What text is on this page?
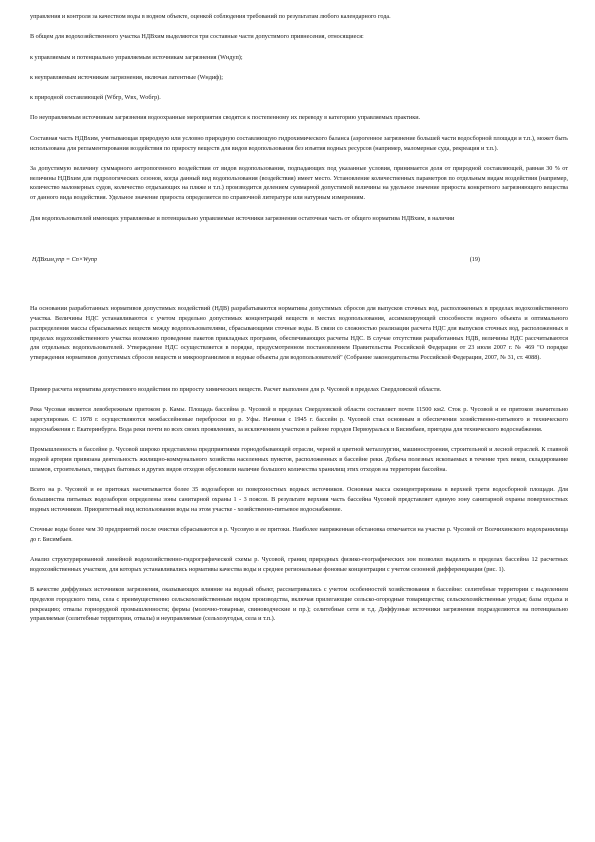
управления и контроля за качеством воды в водном объекте, оценкой соблюдения требований по результатам любого календарного года.

В общем для водохозяйственного участка НДВхим выделяются три составные части допустимого привнесения, относящиеся:

к управляемым и потенциально управляемым источникам загрязнения (Wндуп);

к неуправляемым источникам загрязнения, включая латентные (Wндиф);

к природной составляющей (Wбгр, Wвх, Wобгр).

По неуправляемым источникам загрязнения водоохранные мероприятия сводятся к постепенному их переводу в категорию управляемых практики.

Составная часть НДВхим, учитывающая природную или условно природную составляющую гидрохимического баланса (аэрогенное загрязнение большей части водосборной площади и т.п.), может быть использована для регламентирования воздействия по приросту веществ для видов водопользования без изъятия водных ресурсов (например, маломерные суда, рекреация и т.п.).

За допустимую величину суммарного антропогенного воздействия от видов водопользования, подпадающих под указанные условия, принимается доля от природной составляющей, равная 30 % от величины НДВхим для гидрологических сезонов, когда данный вид водопользования (воздействия) имеет место. Установление количественных параметров по отдельным видам воздействия (например, количество маломерных судов, количество отдыхающих на пляже и т.п.) производится делением суммарной допустимой величины на удельное значение прироста конкретного загрязняющего вещества от данного вида воздействия. Удельное значение прироста определяется по справочной литературе или натурным измерениям.

Для водопользователей имеющих управляемые и потенциально управляемые источники загрязнения остаточная часть от общего норматива НДВхим, в наличии

НДВхим,упр = Cn×Wупр	(19)

На основании разработанных нормативов допустимых воздействий (НДВ) разрабатываются нормативы допустимых сбросов для выпусков сточных вод, расположенных в пределах водохозяйственного участка. Величины НДС устанавливаются с учетом предельно допустимых концентраций веществ в местах водопользования, ассимилирующей способности водного объекта и оптимального распределения массы сбрасываемых веществ между водопользователями, сбрасывающими сточные воды. В связи со сложностью реализации расчета НДС для выпусков сточных вод, расположенных в пределах водохозяйственного участка возможно проведение пакетов прикладных программ, обеспечивающих расчеты НДС. В случае отсутствия разработанных НДВ, величины НДС рассчитываются для отдельных водопользователей. Утверждение НДС осуществляется в порядке, предусмотренном постановлением Правительства Российской Федерации от 23 июля 2007 г. № 469 "О порядке утверждения нормативов допустимых сбросов веществ и микроорганизмов в водные объекты для водопользователей" (Собрание законодательства Российской Федерации, 2007, № 31, ст. 4088).

Пример расчета норматива допустимого воздействия по приросту химических веществ. Расчет выполнен для р. Чусовой в пределах Свердловской области.

Река Чусовая является левобережным притоком р. Камы. Площадь бассейна р. Чусовой в пределах Свердловской области составляет почти 11500 км2. Сток р. Чусовой и ее притоков значительно зарегулирован. С 1978 г. осуществляются межбассейновые переброски из р. Уфы. Начиная с 1945 г. бассейн р. Чусовой стал основным в обеспечении хозяйственно-питьевого и технического водоснабжения г. Екатеринбурга. Вода реки почти во всех своих проявлениях, за исключением участков в районе городов Первоуральск и Бисимбаев, пригодна для технического водоснабжения.

Промышленность в бассейне р. Чусовой широко представлена предприятиями горнодобывающей отрасли, черной и цветной металлургии, машиностроения, строительной и лесной отраслей. К главной водной артерии привязана деятельность жилищно-коммунального хозяйства населенных пунктов, расположенных в бассейне реки. Добыча полезных ископаемых в течение трех веков, складирование шламов, строительных, твердых бытовых и других видов отходов обусловили наличие большого количества хранилищ этих отходов на территории бассейна.

Всего на р. Чусовой и ее притоках насчитывается более 35 водозаборов из поверхностных водных источников. Основная масса сконцентрирована в верхней трети водосборной площади. Для большинства питьевых водозаборов определены зоны санитарной охраны 1 - 3 поясов. В результате верхняя часть бассейна Чусовой представляет единую зону санитарной охраны поверхностных водных источников. Приоритетный вид использования воды на этом участке - хозяйственно-питьевое водоснабжение.

Сточные воды более чем 30 предприятий после очистки сбрасываются в р. Чусовую и ее притоки. Наиболее напряженная обстановка отмечается на участке р. Чусовой от Волчихинского водохранилища до г. Бисимбаев.

Анализ структурированной линейной водохозяйственно-гидрографической схемы р. Чусовой, границ природных физико-географических зон позволил выделить в пределах бассейна 12 расчетных водохозяйственных участков, для которых устанавливались нормативы качества воды и среднее региональные фоновые концентрации с учетом сезонной дифференциации (рис. 1).

В качестве диффузных источников загрязнения, оказывающих влияние на водный объект, рассматривались с учетом особенностей хозяйствования в бассейне: селитебные территории с выделением пределов городского типа, села с преимущественно сельскохозяйственным видом производства, включая прилегающие сельско-огородные товарищества; сельскохозяйственные угодья; базы отдыха и рекреацию; отвалы горнорудной промышленности; фермы (молочно-товарные, свиноводческие и пр.); селитебные сети и т.д. Диффузные источники загрязнения подразделяются на потенциально управляемые (селитебные территории, отвалы) и неуправляемые (сельхозугодья, села и т.п.).
